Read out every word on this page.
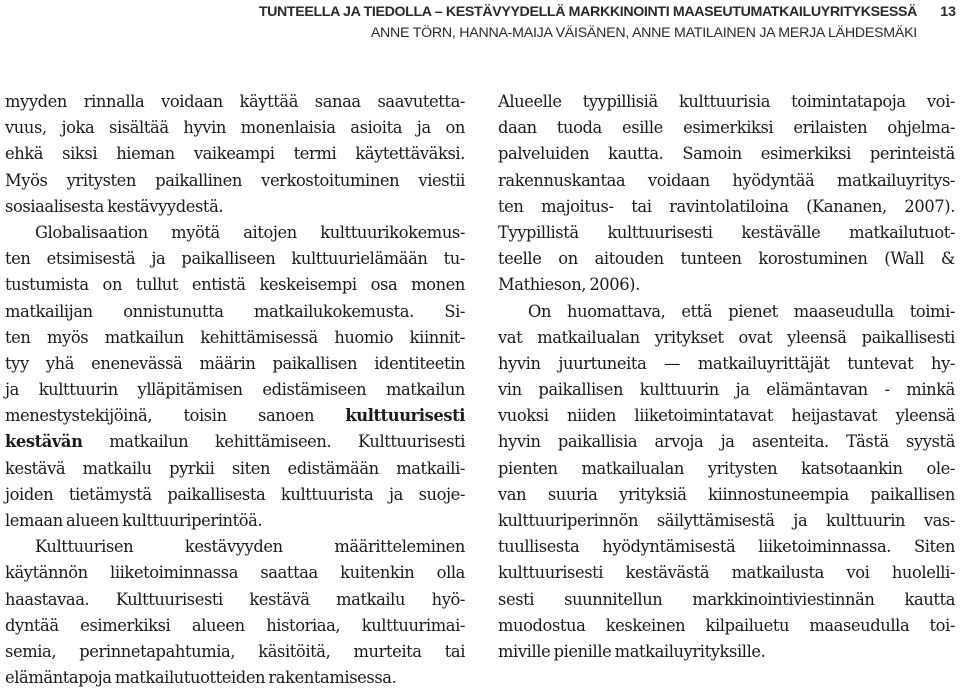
TUNTEELLA JA TIEDOLLA – KESTÄVYYDELLÄ MARKKINOINTI MAASEUTUMATKAILUYRITYKSESSÄ 13
ANNE TÖRN, HANNA-MAIJA VÄISÄNEN, ANNE MATILAINEN JA MERJA LÄHDESMÄKI
myyden rinnalla voidaan käyttää sanaa saavutetta-
vuus, joka sisältää hyvin monenlaisia asioita ja on
ehkä siksi hieman vaikeampi termi käytettäväksi.
Myös yritysten paikallinen verkostoituminen viestii
sosiaalisesta kestävyydestä.
Globalisaation myötä aitojen kulttuurikokemus-
ten etsimisestä ja paikalliseen kulttuurielämään tu-
tustumista on tullut entistä keskeisempi osa monen
matkailijan onnistunutta matkailukokemusta. Si-
ten myös matkailun kehittämisessä huomio kiinnit-
tyy yhä enenevässä määrin paikallisen identiteetin
ja kulttuurin ylläpitämisen edistämiseen matkailun
menestystekijöinä, toisin sanoen kulttuurisesti
kestävän matkailun kehittämiseen. Kulttuurisesti
kestävä matkailu pyrkii siten edistämään matkaili-
joiden tietämystä paikallisesta kulttuurista ja suoje-
lemaan alueen kulttuuriperintöä.
Kulttuurisen kestävyyden määritteleminen
käytännön liiketoiminnassa saattaa kuitenkin olla
haastavaa. Kulttuurisesti kestävä matkailu hyö-
dyntää esimerkiksi alueen historiaa, kulttuurimai-
semia, perinnetapahtumia, käsitöitä, murteita tai
elämäntapoja matkailutuotteiden rakentamisessa.
Alueelle tyypillisiä kulttuurisia toimintatapoja voi-
daan tuoda esille esimerkiksi erilaisten ohjelma-
palveluiden kautta. Samoin esimerkiksi perinteistä
rakennuskantaa voidaan hyödyntää matkailuyritys-
ten majoitus- tai ravintolatiloina (Kananen, 2007).
Tyypillistä kulttuurisesti kestävälle matkailutuot-
teelle on aitouden tunteen korostuminen (Wall &
Mathieson, 2006).
On huomattava, että pienet maaseudulla toimi-
vat matkailualan yritykset ovat yleensä paikallisesti
hyvin juurtuneita — matkailuyrittäjät tuntevat hy-
vin paikallisen kulttuurin ja elämäntavan - minkä
vuoksi niiden liiketoimintatavat heijastavat yleensä
hyvin paikallisia arvoja ja asenteita. Tästä syystä
pienten matkailualan yritysten katsotaankin ole-
van suuria yrityksiä kiinnostuneempia paikallisen
kulttuuriperinnön säilyttämisestä ja kulttuurin vas-
tuullisesta hyödyntämisestä liiketoiminnassa. Siten
kulttuurisesti kestävästä matkailusta voi huolelli-
sesti suunnitellun markkinointiviestinnän kautta
muodostua keskeinen kilpailuetu maaseudulla toi-
miville pienille matkailuyrityksille.
